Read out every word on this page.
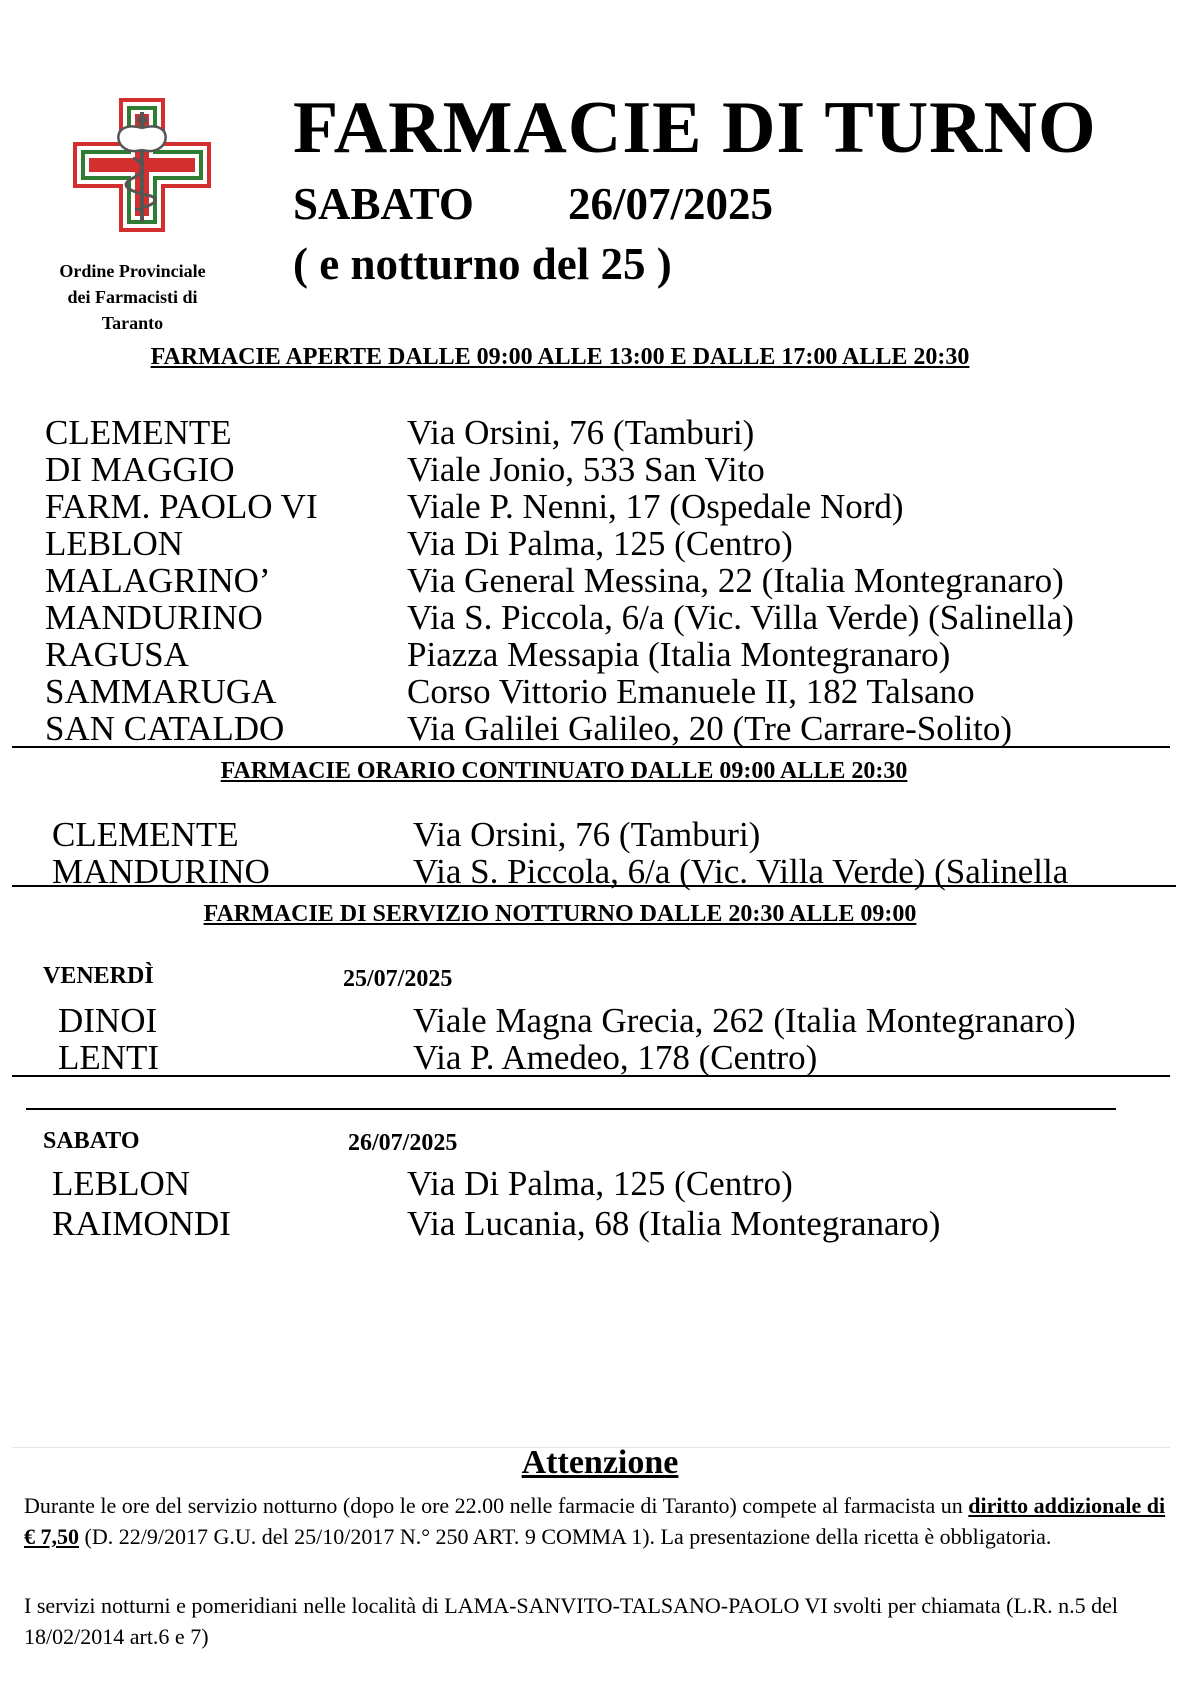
Ordine Provinciale
dei Farmacisti di
Taranto
FARMACIE DI TURNO
SABATO 26/07/2025
( e notturno del 25 )
FARMACIE APERTE DALLE 09:00 ALLE 13:00 E DALLE 17:00 ALLE 20:30
CLEMENTE	Via Orsini, 76 (Tamburi)
DI MAGGIO	Viale Jonio, 533 San Vito
FARM. PAOLO VI	Viale P. Nenni, 17 (Ospedale Nord)
LEBLON	Via Di Palma, 125 (Centro)
MALAGRINO’	Via General Messina, 22 (Italia Montegranaro)
MANDURINO	Via S. Piccola, 6/a (Vic. Villa Verde) (Salinella)
RAGUSA	Piazza Messapia (Italia Montegranaro)
SAMMARUGA	Corso Vittorio Emanuele II, 182 Talsano
SAN CATALDO	Via Galilei Galileo, 20 (Tre Carrare-Solito)
FARMACIE ORARIO CONTINUATO DALLE 09:00 ALLE 20:30
CLEMENTE	Via Orsini, 76 (Tamburi)
MANDURINO	Via S. Piccola, 6/a (Vic. Villa Verde) (Salinella
FARMACIE DI SERVIZIO NOTTURNO DALLE 20:30 ALLE 09:00
VENERDÌ	25/07/2025
DINOI	Viale Magna Grecia, 262 (Italia Montegranaro)
LENTI	Via P. Amedeo, 178 (Centro)
SABATO	26/07/2025
LEBLON	Via Di Palma, 125 (Centro)
RAIMONDI	Via Lucania, 68 (Italia Montegranaro)
Attenzione
Durante le ore del servizio notturno (dopo le ore 22.00 nelle farmacie di Taranto) compete al farmacista un diritto addizionale di € 7,50 (D. 22/9/2017 G.U. del 25/10/2017 N.° 250 ART. 9 COMMA 1). La presentazione della ricetta è obbligatoria.
I servizi notturni e pomeridiani nelle località di LAMA-SANVITO-TALSANO-PAOLO VI svolti per chiamata (L.R. n.5 del 18/02/2014 art.6 e 7)
